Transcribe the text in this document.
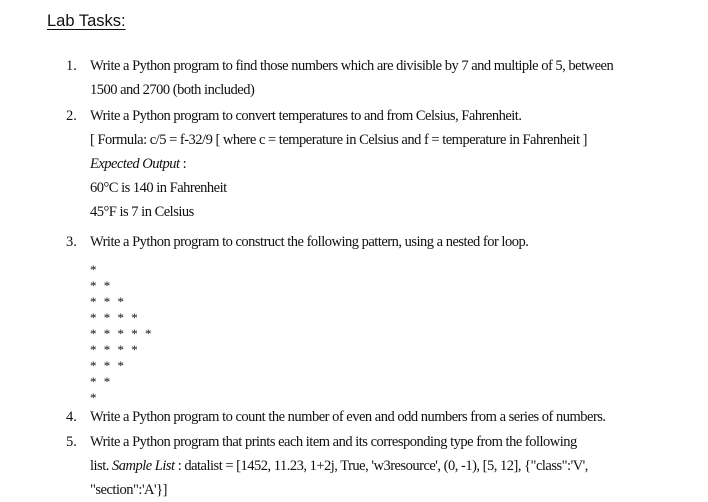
Lab Tasks:
1. Write a Python program to find those numbers which are divisible by 7 and multiple of 5, between
1500 and 2700 (both included)
2. Write a Python program to convert temperatures to and from Celsius, Fahrenheit.
[ Formula: c/5 = f-32/9 [ where c = temperature in Celsius and f = temperature in Fahrenheit ]
Expected Output :
60°C is 140 in Fahrenheit
45°F is 7 in Celsius
3. Write a Python program to construct the following pattern, using a nested for loop.
*
* *
* * *
* * * *
* * * * *
* * * *
* * *
* *
*
4. Write a Python program to count the number of even and odd numbers from a series of numbers.
5. Write a Python program that prints each item and its corresponding type from the following
list. Sample List : datalist = [1452, 11.23, 1+2j, True, 'w3resource', (0, -1), [5, 12], {"class":'V',
"section":'A'}]
